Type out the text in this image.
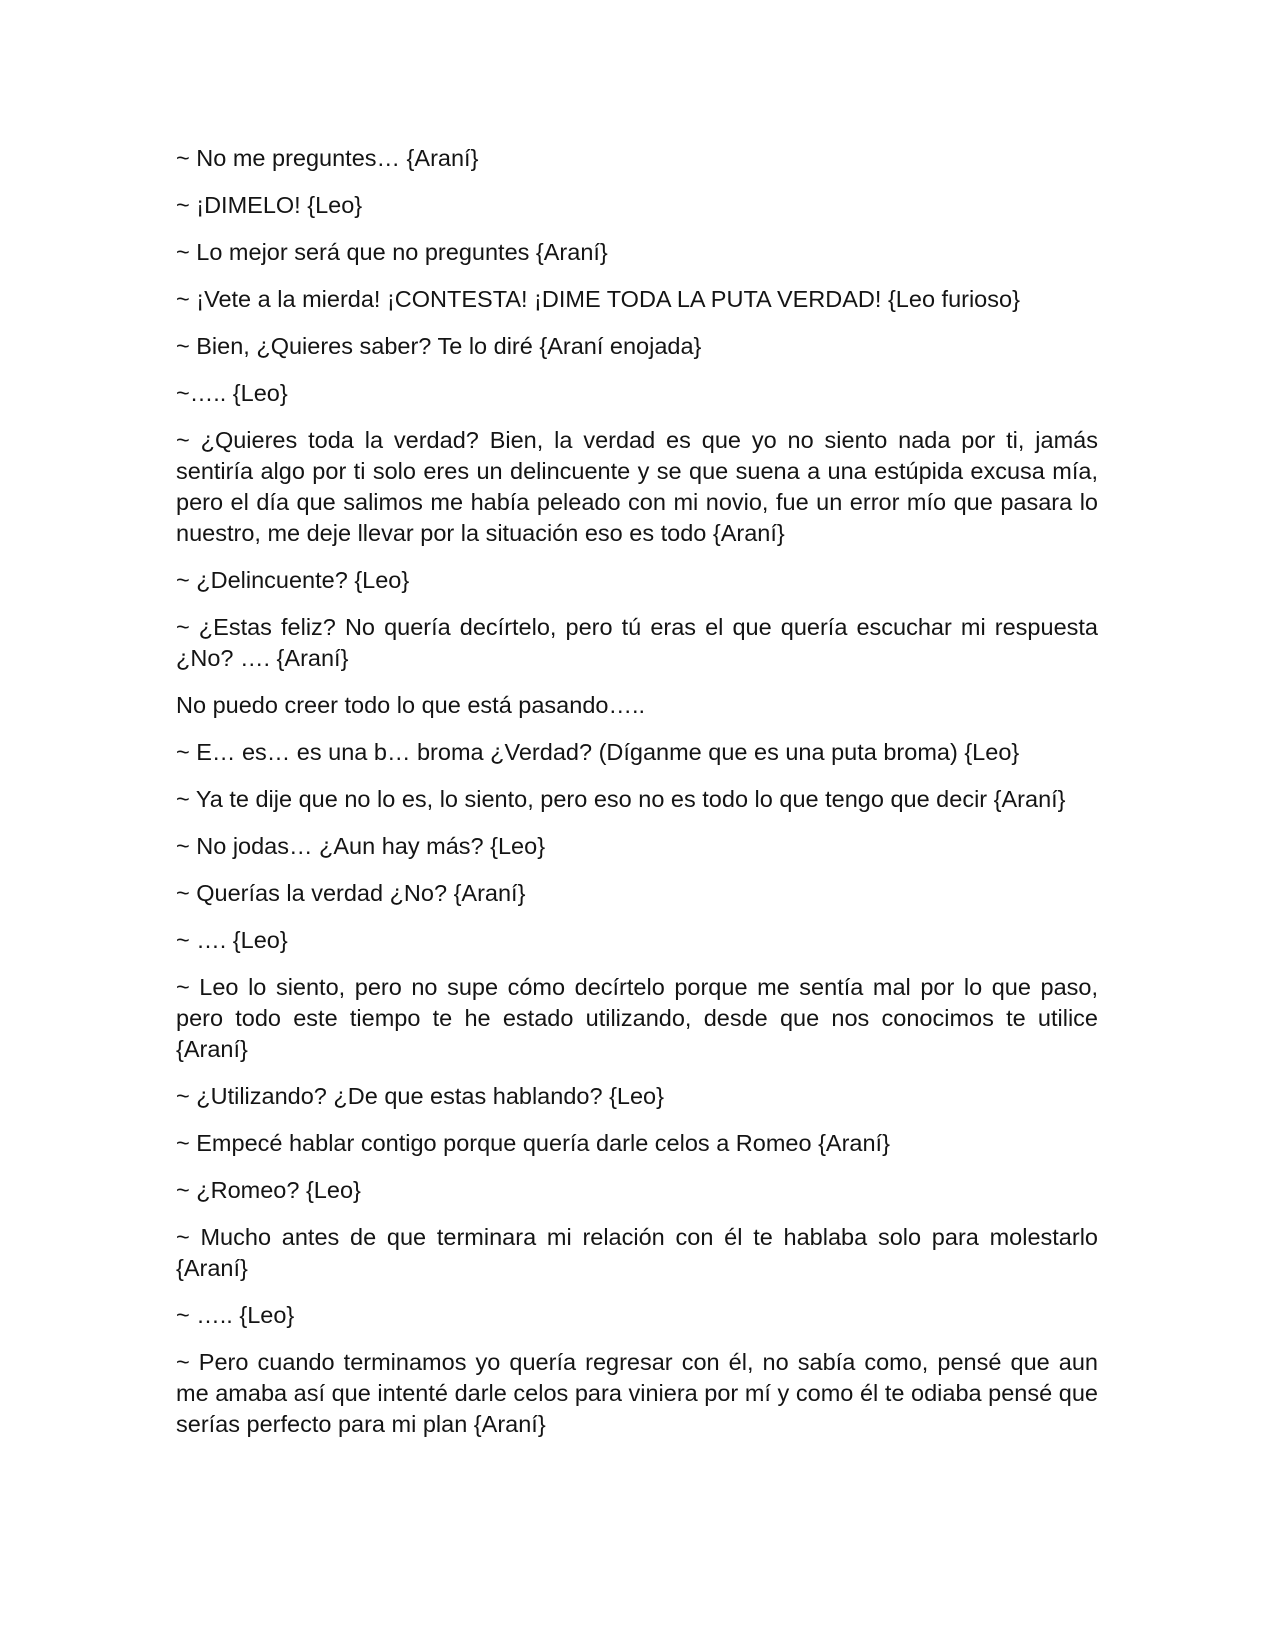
~ No me preguntes… {Araní}

~ ¡DIMELO! {Leo}

~ Lo mejor será que no preguntes {Araní}

~ ¡Vete a la mierda! ¡CONTESTA! ¡DIME TODA LA PUTA VERDAD! {Leo furioso}

~ Bien, ¿Quieres saber? Te lo diré {Araní enojada}

~….. {Leo}

~ ¿Quieres toda la verdad? Bien, la verdad es que yo no siento nada por ti, jamás sentiría algo por ti solo eres un delincuente y se que suena a una estúpida excusa mía, pero el día que salimos me había peleado con mi novio, fue un error mío que pasara lo nuestro, me deje llevar por la situación eso es todo {Araní}

~ ¿Delincuente? {Leo}

~ ¿Estas feliz? No quería decírtelo, pero tú eras el que quería escuchar mi respuesta ¿No? …. {Araní}

No puedo creer todo lo que está pasando…..

~ E… es… es una b… broma ¿Verdad? (Díganme que es una puta broma) {Leo}

~ Ya te dije que no lo es, lo siento, pero eso no es todo lo que tengo que decir {Araní}

~ No jodas… ¿Aun hay más? {Leo}

~ Querías la verdad ¿No? {Araní}

~ …. {Leo}

~ Leo lo siento, pero no supe cómo decírtelo porque me sentía mal por lo que paso, pero todo este tiempo te he estado utilizando, desde que nos conocimos te utilice {Araní}

~ ¿Utilizando? ¿De que estas hablando? {Leo}

~ Empecé hablar contigo porque quería darle celos a Romeo {Araní}

~ ¿Romeo? {Leo}

~ Mucho antes de que terminara mi relación con él te hablaba solo para molestarlo {Araní}

~ ….. {Leo}

~ Pero cuando terminamos yo quería regresar con él, no sabía como, pensé que aun me amaba así que intenté darle celos para viniera por mí y como él te odiaba pensé que serías perfecto para mi plan {Araní}
